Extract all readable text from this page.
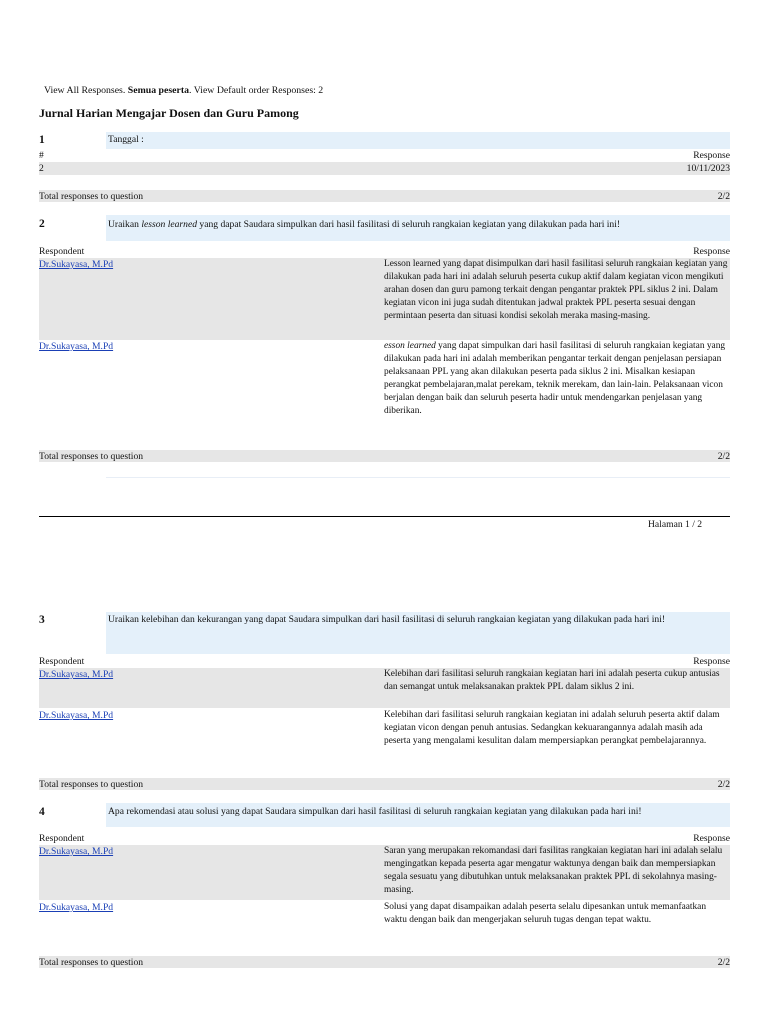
View All Responses. Semua peserta. View Default order Responses: 2
Jurnal Harian Mengajar Dosen dan Guru Pamong
1	Tanggal :
#	Response
2	10/11/2023
Total responses to question	2/2
2	Uraikan lesson learned yang dapat Saudara simpulkan dari hasil fasilitasi di seluruh rangkaian kegiatan yang dilakukan pada hari ini!
Respondent	Response
Dr.Sukayasa, M.Pd	Lesson learned yang dapat disimpulkan dari hasil fasilitasi seluruh rangkaian kegiatan yang dilakukan pada hari ini adalah seluruh peserta cukup aktif dalam kegiatan vicon mengikuti arahan dosen dan guru pamong terkait dengan pengantar praktek PPL siklus 2 ini. Dalam kegiatan vicon ini juga sudah ditentukan jadwal praktek PPL peserta sesuai dengan permintaan peserta dan situasi kondisi sekolah meraka masing-masing.
Dr.Sukayasa, M.Pd	esson learned yang dapat simpulkan dari hasil fasilitasi di seluruh rangkaian kegiatan yang dilakukan pada hari ini adalah memberikan pengantar terkait dengan penjelasan persiapan pelaksanaan PPL yang akan dilakukan peserta pada siklus 2 ini. Misalkan kesiapan perangkat pembelajaran,malat perekam, teknik merekam, dan lain-lain. Pelaksanaan vicon berjalan dengan baik dan seluruh peserta hadir untuk mendengarkan penjelasan yang diberikan.
Total responses to question	2/2
Halaman 1 / 2
3	Uraikan kelebihan dan kekurangan yang dapat Saudara simpulkan dari hasil fasilitasi di seluruh rangkaian kegiatan yang dilakukan pada hari ini!
Respondent	Response
Dr.Sukayasa, M.Pd	Kelebihan dari fasilitasi seluruh rangkaian kegiatan hari ini adalah peserta cukup antusias dan semangat untuk melaksanakan praktek PPL dalam siklus 2 ini.
Dr.Sukayasa, M.Pd	Kelebihan dari fasilitasi seluruh rangkaian kegiatan ini adalah seluruh peserta aktif dalam kegiatan vicon dengan penuh antusias. Sedangkan kekuarangannya adalah masih ada peserta yang mengalami kesulitan dalam mempersiapkan perangkat pembelajarannya.
Total responses to question	2/2
4	Apa rekomendasi atau solusi yang dapat Saudara simpulkan dari hasil fasilitasi di seluruh rangkaian kegiatan yang dilakukan pada hari ini!
Respondent	Response
Dr.Sukayasa, M.Pd	Saran yang merupakan rekomandasi dari fasilitas rangkaian kegiatan hari ini adalah selalu mengingatkan kepada peserta agar mengatur waktunya dengan baik dan mempersiapkan segala sesuatu yang dibutuhkan untuk melaksanakan praktek PPL di sekolahnya masing-masing.
Dr.Sukayasa, M.Pd	Solusi yang dapat disampaikan adalah peserta selalu dipesankan untuk memanfaatkan waktu dengan baik dan mengerjakan seluruh tugas dengan tepat waktu.
Total responses to question	2/2
